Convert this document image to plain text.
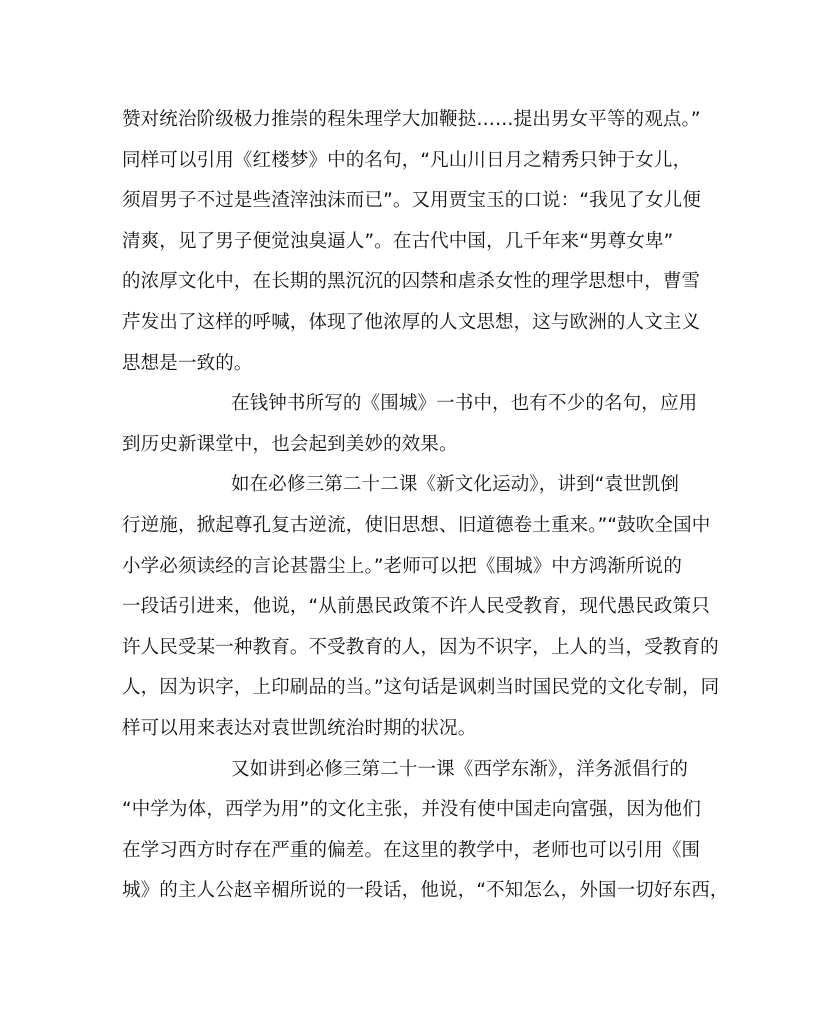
赞对统治阶级极力推崇的程朱理学大加鞭挞……提出男女平等的观点。”
同样可以引用《红楼梦》中的名句，“凡山川日月之精秀只钟于女儿，
须眉男子不过是些渣滓浊沫而已”。又用贾宝玉的口说：“我见了女儿便
清爽，见了男子便觉浊臭逼人”。在古代中国，几千年来“男尊女卑”
的浓厚文化中，在长期的黑沉沉的囚禁和虐杀女性的理学思想中，曹雪
芹发出了这样的呼喊，体现了他浓厚的人文思想，这与欧洲的人文主义
思想是一致的。
在钱钟书所写的《围城》一书中，也有不少的名句，应用
到历史新课堂中，也会起到美妙的效果。
如在必修三第二十二课《新文化运动》，讲到“袁世凯倒
行逆施，掀起尊孔复古逆流，使旧思想、旧道德卷土重来。”“鼓吹全国中
小学必须读经的言论甚嚣尘上。”老师可以把《围城》中方鸿渐所说的
一段话引进来，他说，“从前愚民政策不许人民受教育，现代愚民政策只
许人民受某一种教育。不受教育的人，因为不识字，上人的当，受教育的
人，因为识字，上印刷品的当。”这句话是讽刺当时国民党的文化专制，同
样可以用来表达对袁世凯统治时期的状况。
又如讲到必修三第二十一课《西学东渐》，洋务派倡行的
“中学为体，西学为用”的文化主张，并没有使中国走向富强，因为他们
在学习西方时存在严重的偏差。在这里的教学中，老师也可以引用《围
城》的主人公赵辛楣所说的一段话，他说，“不知怎么，外国一切好东西，
